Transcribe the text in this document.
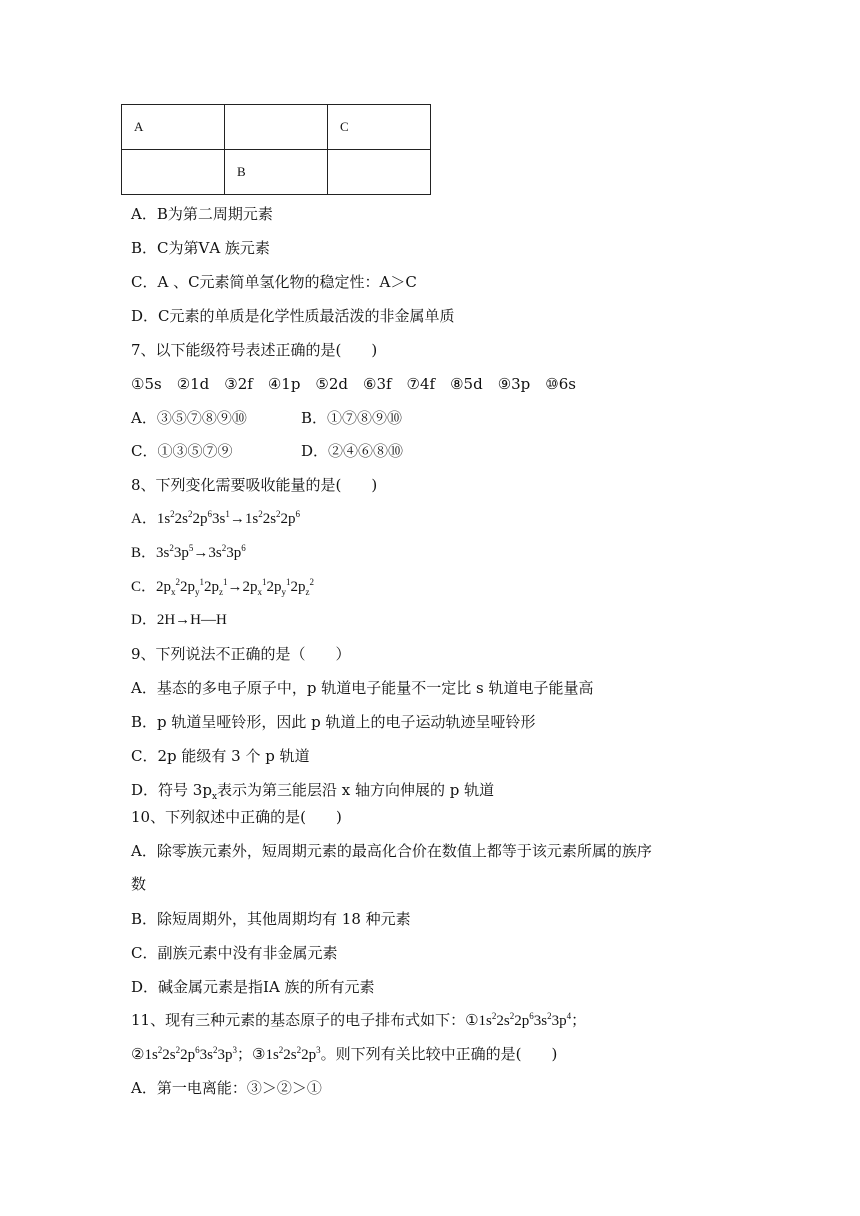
A		C
	B	
A．B为第二周期元素
B．C为第ⅤA 族元素
C．A 、C元素简单氢化物的稳定性：A＞C
D．C元素的单质是化学性质最活泼的非金属单质
7、以下能级符号表述正确的是(　　)
①5s　②1d　③2f　④1p　⑤2d　⑥3f　⑦4f　⑧5d　⑨3p　⑩6s
A．③⑤⑦⑧⑨⑩	B．①⑦⑧⑨⑩
C．①③⑤⑦⑨	D．②④⑥⑧⑩
8、下列变化需要吸收能量的是(　　)
A．$1s^22s^22p^63s^1\to 1s^22s^22p^6$
B．$3s^23p^5\to 3s^23p^6$
C．$2p_x^22p_y^12p_z^1\to 2p_x^12p_y^12p_z^2$
D．2H→H—H
9、下列说法不正确的是（　　）
A．基态的多电子原子中，p 轨道电子能量不一定比 s 轨道电子能量高
B．p 轨道呈哑铃形，因此 p 轨道上的电子运动轨迹呈哑铃形
C．2p 能级有 3 个 p 轨道
D．符号 $3p_x$表示为第三能层沿 x 轴方向伸展的 p 轨道
10、下列叙述中正确的是(　　)
A．除零族元素外，短周期元素的最高化合价在数值上都等于该元素所属的族序
数
B．除短周期外，其他周期均有 18 种元素
C．副族元素中没有非金属元素
D．碱金属元素是指ⅠA 族的所有元素
11、现有三种元素的基态原子的电子排布式如下：$①1s^22s^22p^63s^23p^4$；
$②1s^22s^22p^63s^23p^3$；$③1s^22s^22p^3$。则下列有关比较中正确的是(　　)
A．第一电离能：③＞②＞①
